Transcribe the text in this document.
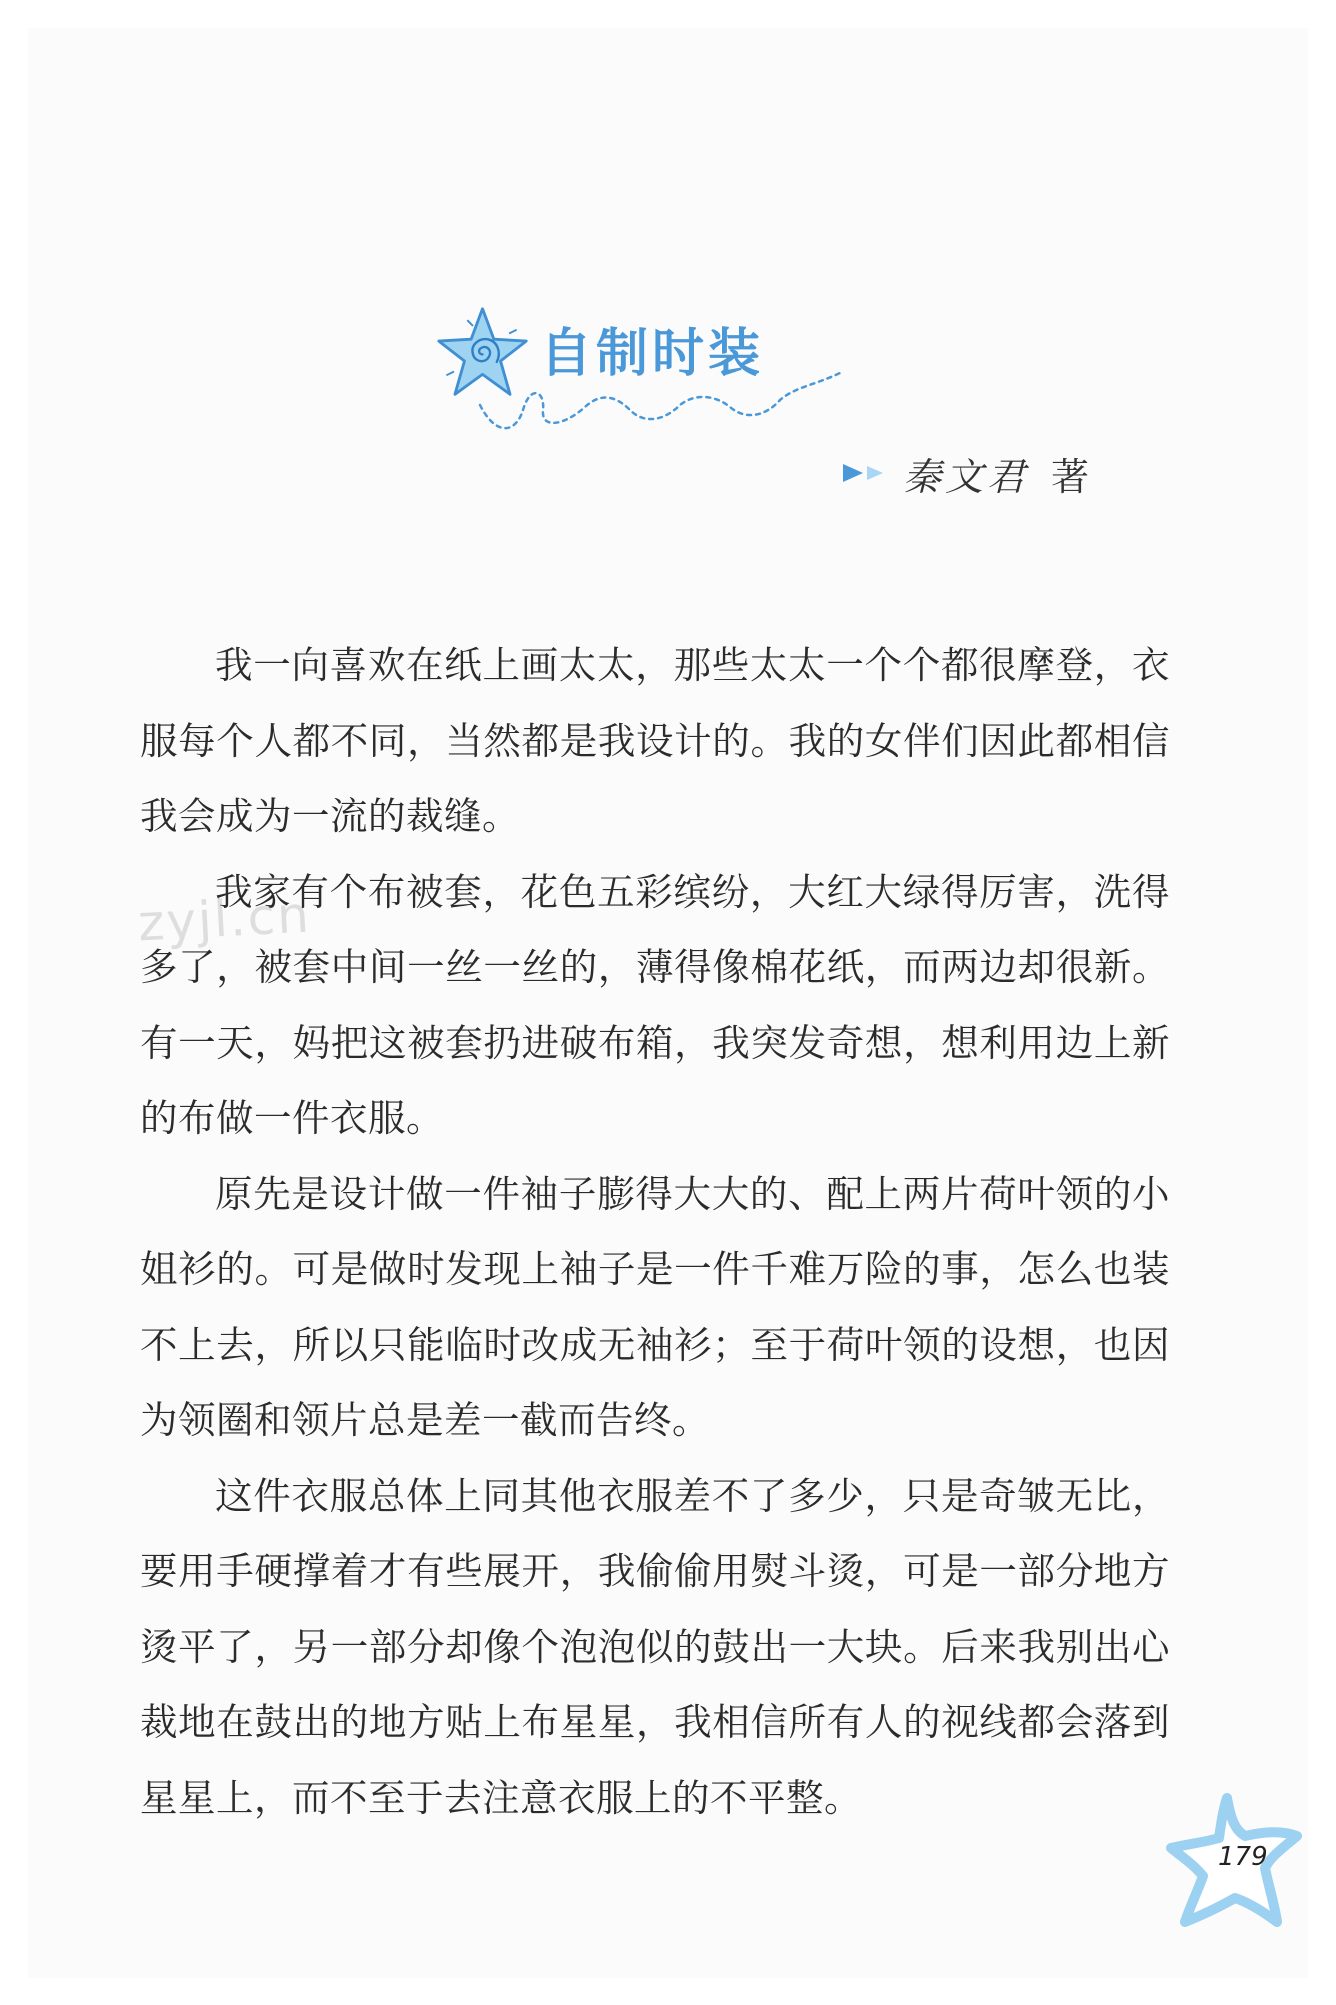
自制时装
秦文君 著

我一向喜欢在纸上画太太，那些太太一个个都很摩登，衣服每个人都不同，当然都是我设计的。我的女伴们因此都相信我会成为一流的裁缝。

我家有个布被套，花色五彩缤纷，大红大绿得厉害，洗得多了，被套中间一丝一丝的，薄得像棉花纸，而两边却很新。有一天，妈把这被套扔进破布箱，我突发奇想，想利用边上新的布做一件衣服。

原先是设计做一件袖子膨得大大的、配上两片荷叶领的小姐衫的。可是做时发现上袖子是一件千难万险的事，怎么也装不上去，所以只能临时改成无袖衫；至于荷叶领的设想，也因为领圈和领片总是差一截而告终。

这件衣服总体上同其他衣服差不了多少，只是奇皱无比，要用手硬撑着才有些展开，我偷偷用熨斗烫，可是一部分地方烫平了，另一部分却像个泡泡似的鼓出一大块。后来我别出心裁地在鼓出的地方贴上布星星，我相信所有人的视线都会落到星星上，而不至于去注意衣服上的不平整。

zyjl.cn
179
